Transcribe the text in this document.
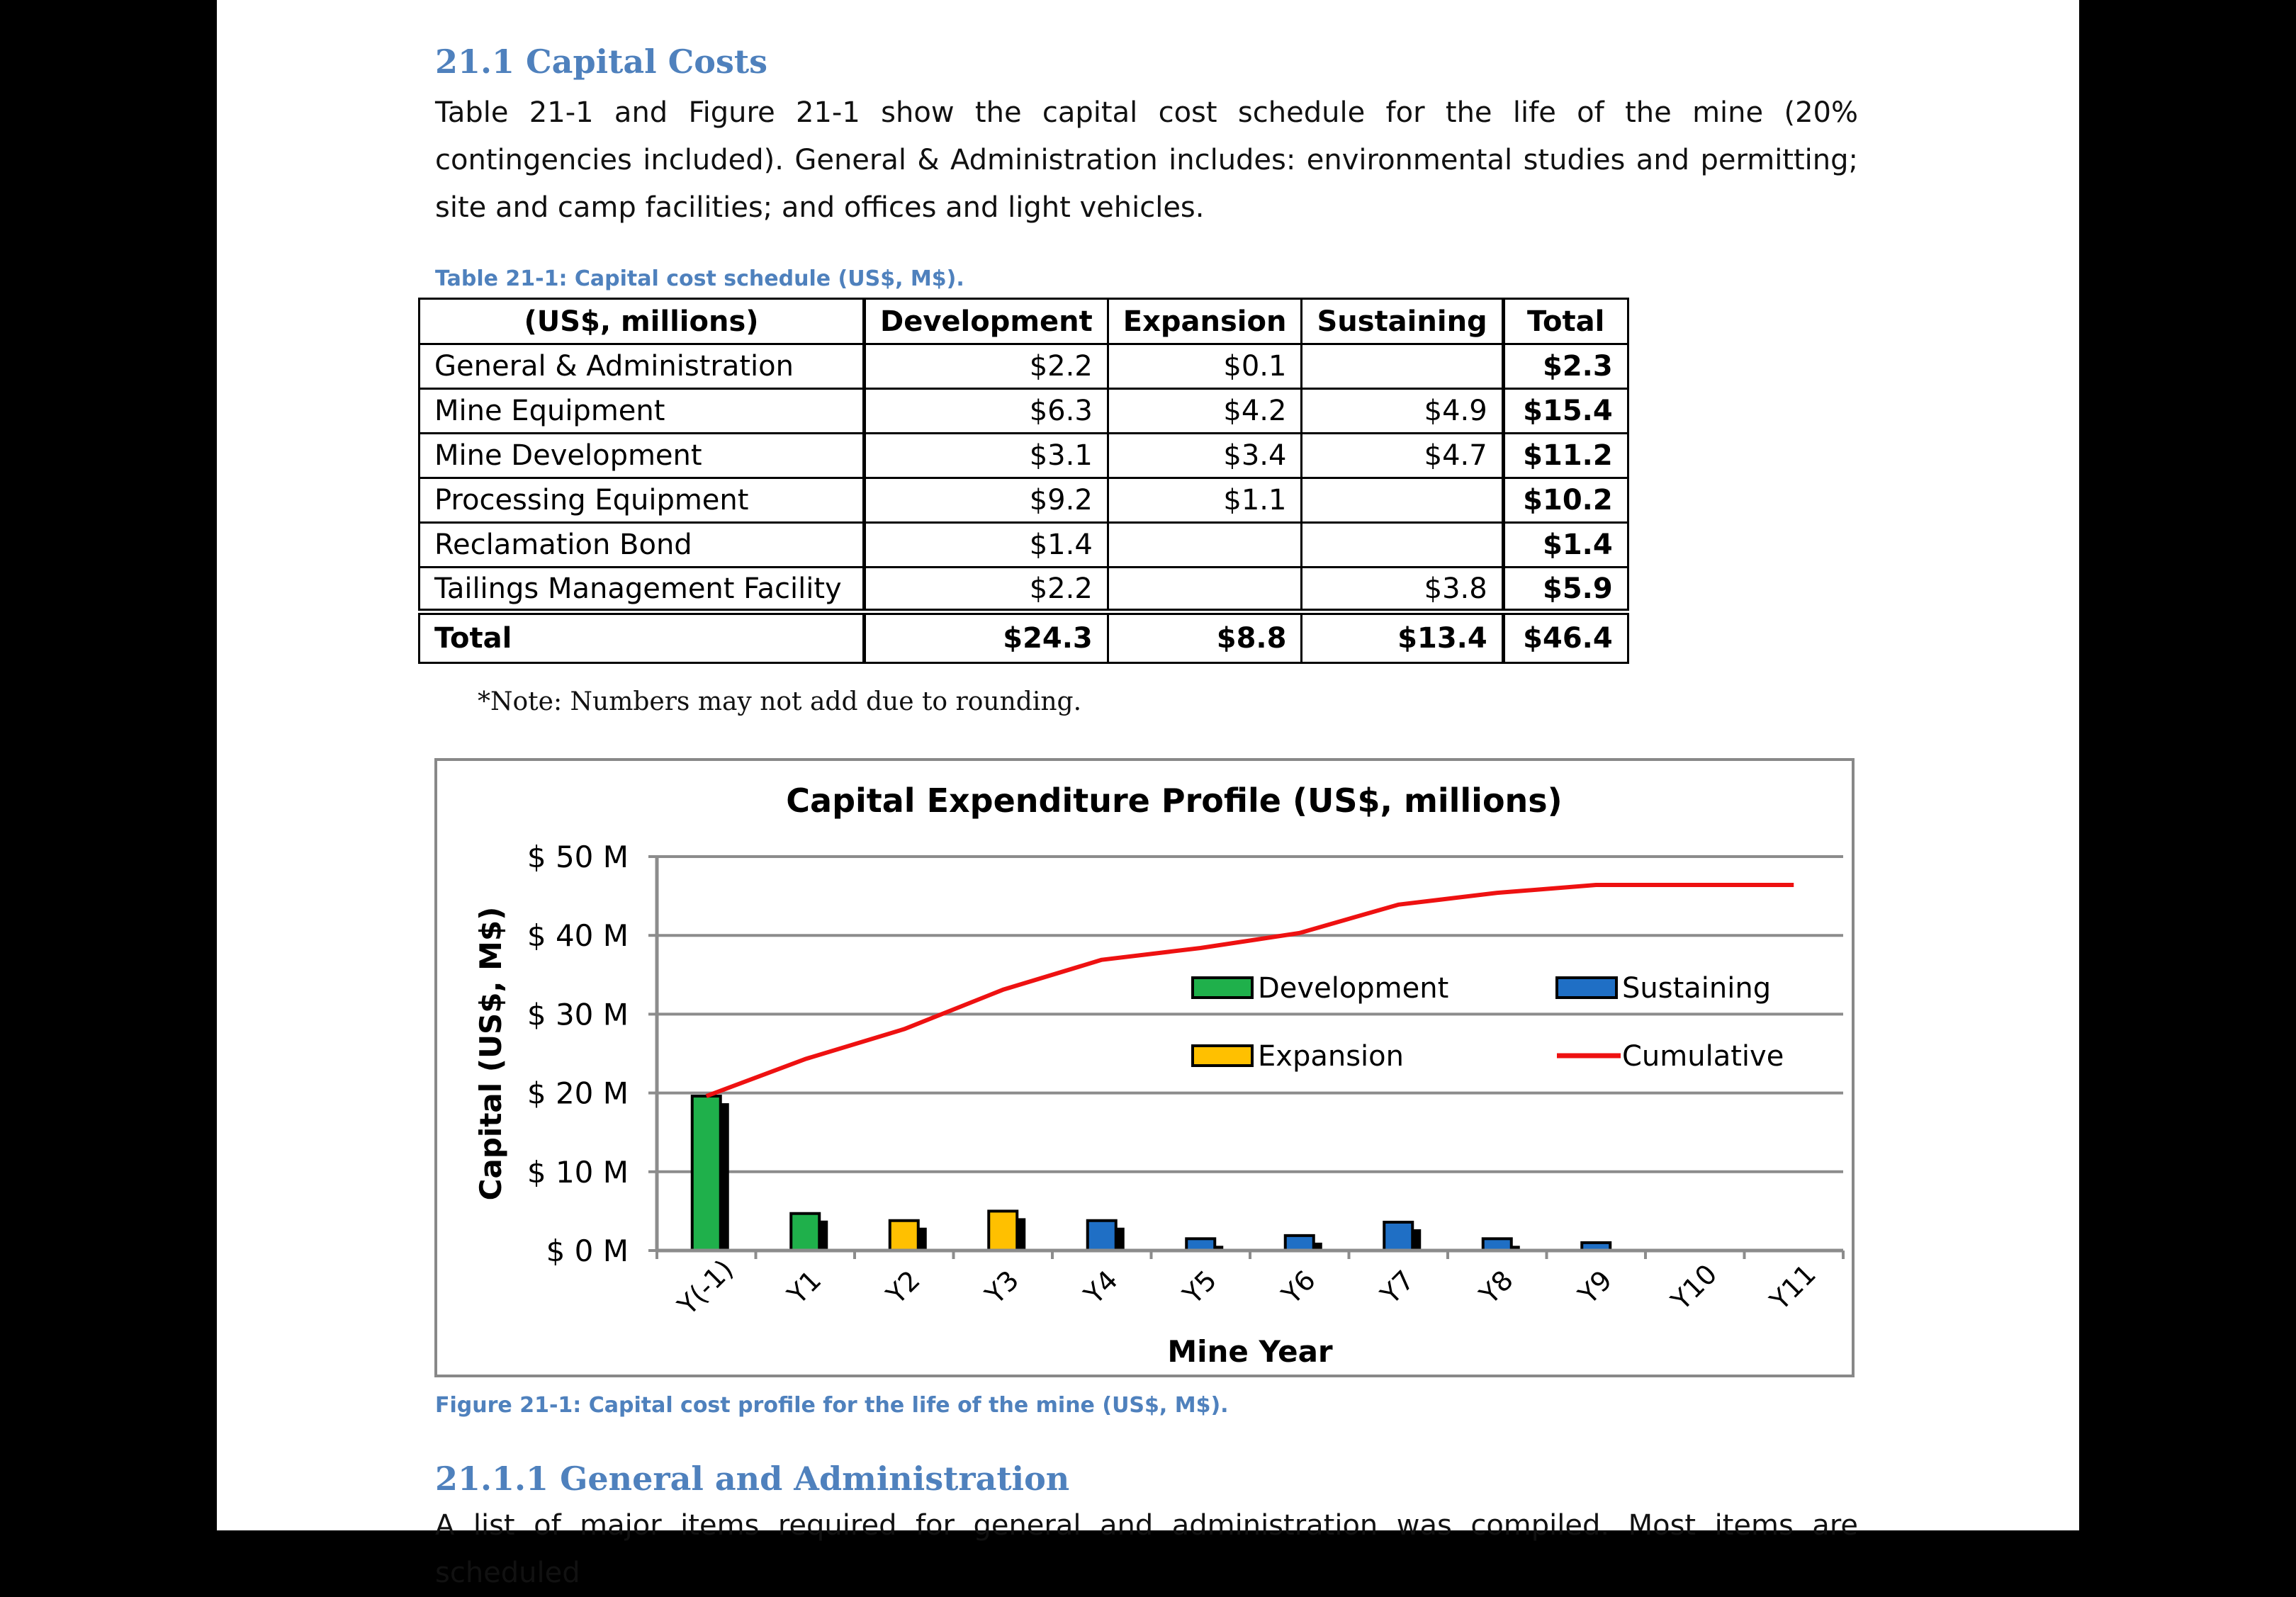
21.1 Capital Costs
Table 21-1 and Figure 21-1 show the capital cost schedule for the life of the mine (20% contingencies included). General & Administration includes: environmental studies and permitting; site and camp facilities; and offices and light vehicles.
Table 21-1: Capital cost schedule (US$, M$).
(US$, millions)	Development	Expansion	Sustaining	Total
General & Administration	$2.2	$0.1		$2.3
Mine Equipment	$6.3	$4.2	$4.9	$15.4
Mine Development	$3.1	$3.4	$4.7	$11.2
Processing Equipment	$9.2	$1.1		$10.2
Reclamation Bond	$1.4			$1.4
Tailings Management Facility	$2.2		$3.8	$5.9
Total	$24.3	$8.8	$13.4	$46.4
*Note: Numbers may not add due to rounding.
Capital Expenditure Profile (US$, millions)
$ 0 M
$ 10 M
$ 20 M
$ 30 M
$ 40 M
$ 50 M
Capital (US$, M$)
Y(-1) Y1 Y2 Y3 Y4 Y5 Y6 Y7 Y8 Y9 Y10 Y11
Mine Year
Development	Sustaining
Expansion	Cumulative
Figure 21-1: Capital cost profile for the life of the mine (US$, M$).
21.1.1 General and Administration
A list of major items required for general and administration was compiled. Most items are scheduled
